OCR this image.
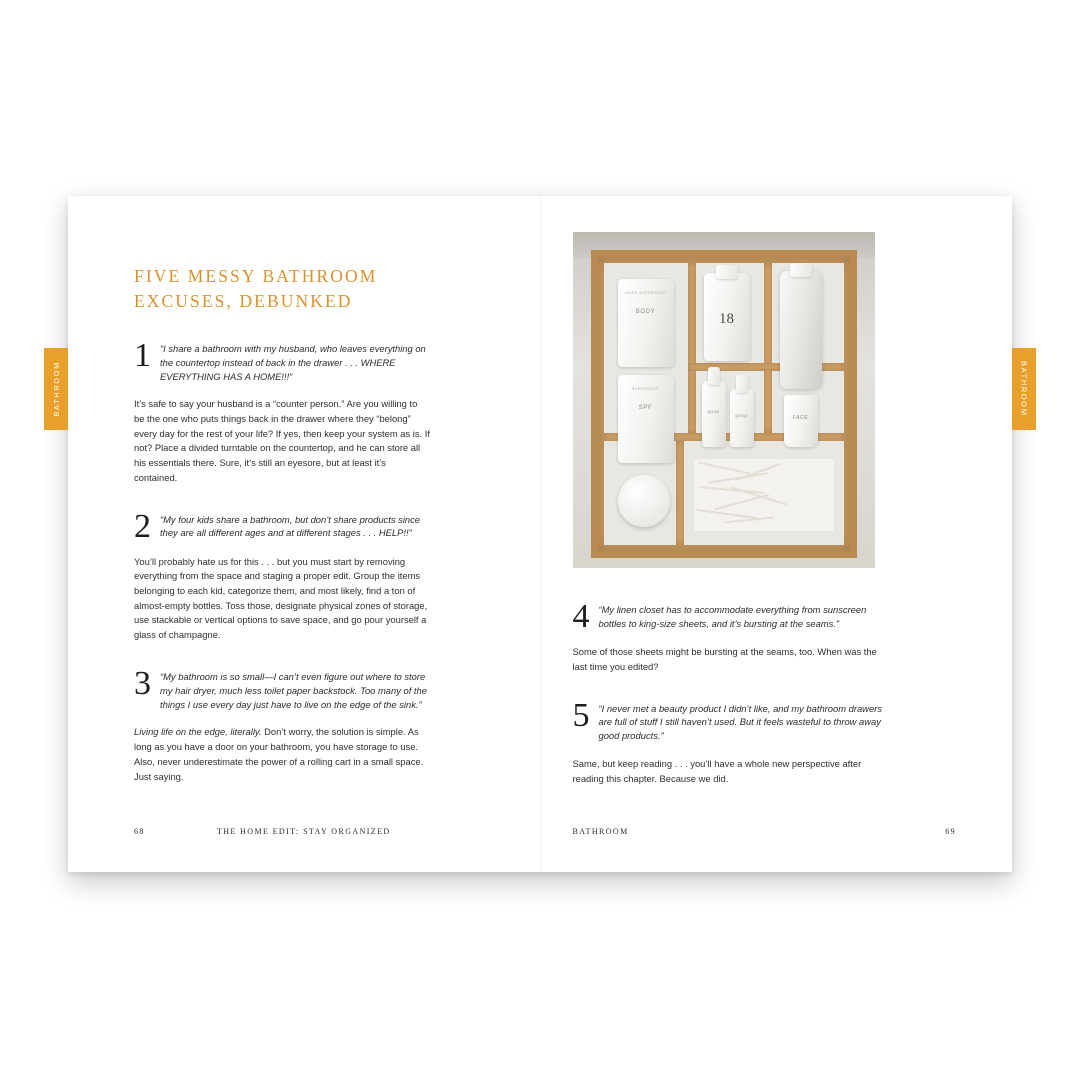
BATHROOM
FIVE MESSY BATHROOM EXCUSES, DEBUNKED
1 “I share a bathroom with my husband, who leaves everything on the countertop instead of back in the drawer . . . WHERE EVERYTHING HAS A HOME!!!”

It’s safe to say your husband is a “counter person.” Are you willing to be the one who puts things back in the drawer where they “belong” every day for the rest of your life? If yes, then keep your system as is. If not? Place a divided turntable on the countertop, and he can store all his essentials there. Sure, it’s still an eyesore, but at least it’s contained.

2 “My four kids share a bathroom, but don’t share products since they are all different ages and at different stages . . . HELP!!”

You’ll probably hate us for this . . . but you must start by removing everything from the space and staging a proper edit. Group the items belonging to each kid, categorize them, and most likely, find a ton of almost-empty bottles. Toss those, designate physical zones of storage, use stackable or vertical options to save space, and go pour yourself a glass of champagne.

3 “My bathroom is so small—I can’t even figure out where to store my hair dryer, much less toilet paper backstock. Too many of the things I use every day just have to live on the edge of the sink.”

Living life on the edge, literally. Don’t worry, the solution is simple. As long as you have a door on your bathroom, you have storage to use. Also, never underestimate the power of a rolling cart in a small space. Just saying.

68	THE HOME EDIT: STAY ORGANIZED
BATHROOM
BODY
LAIRD SUPERFOOD
SPF
SUPERGOOP
18
goop
goop	FACE
4 “My linen closet has to accommodate everything from sunscreen bottles to king-size sheets, and it’s bursting at the seams.”

Some of those sheets might be bursting at the seams, too. When was the last time you edited?

5 “I never met a beauty product I didn’t like, and my bathroom drawers are full of stuff I still haven’t used. But it feels wasteful to throw away good products.”

Same, but keep reading . . . you’ll have a whole new perspective after reading this chapter. Because we did.

BATHROOM	69
